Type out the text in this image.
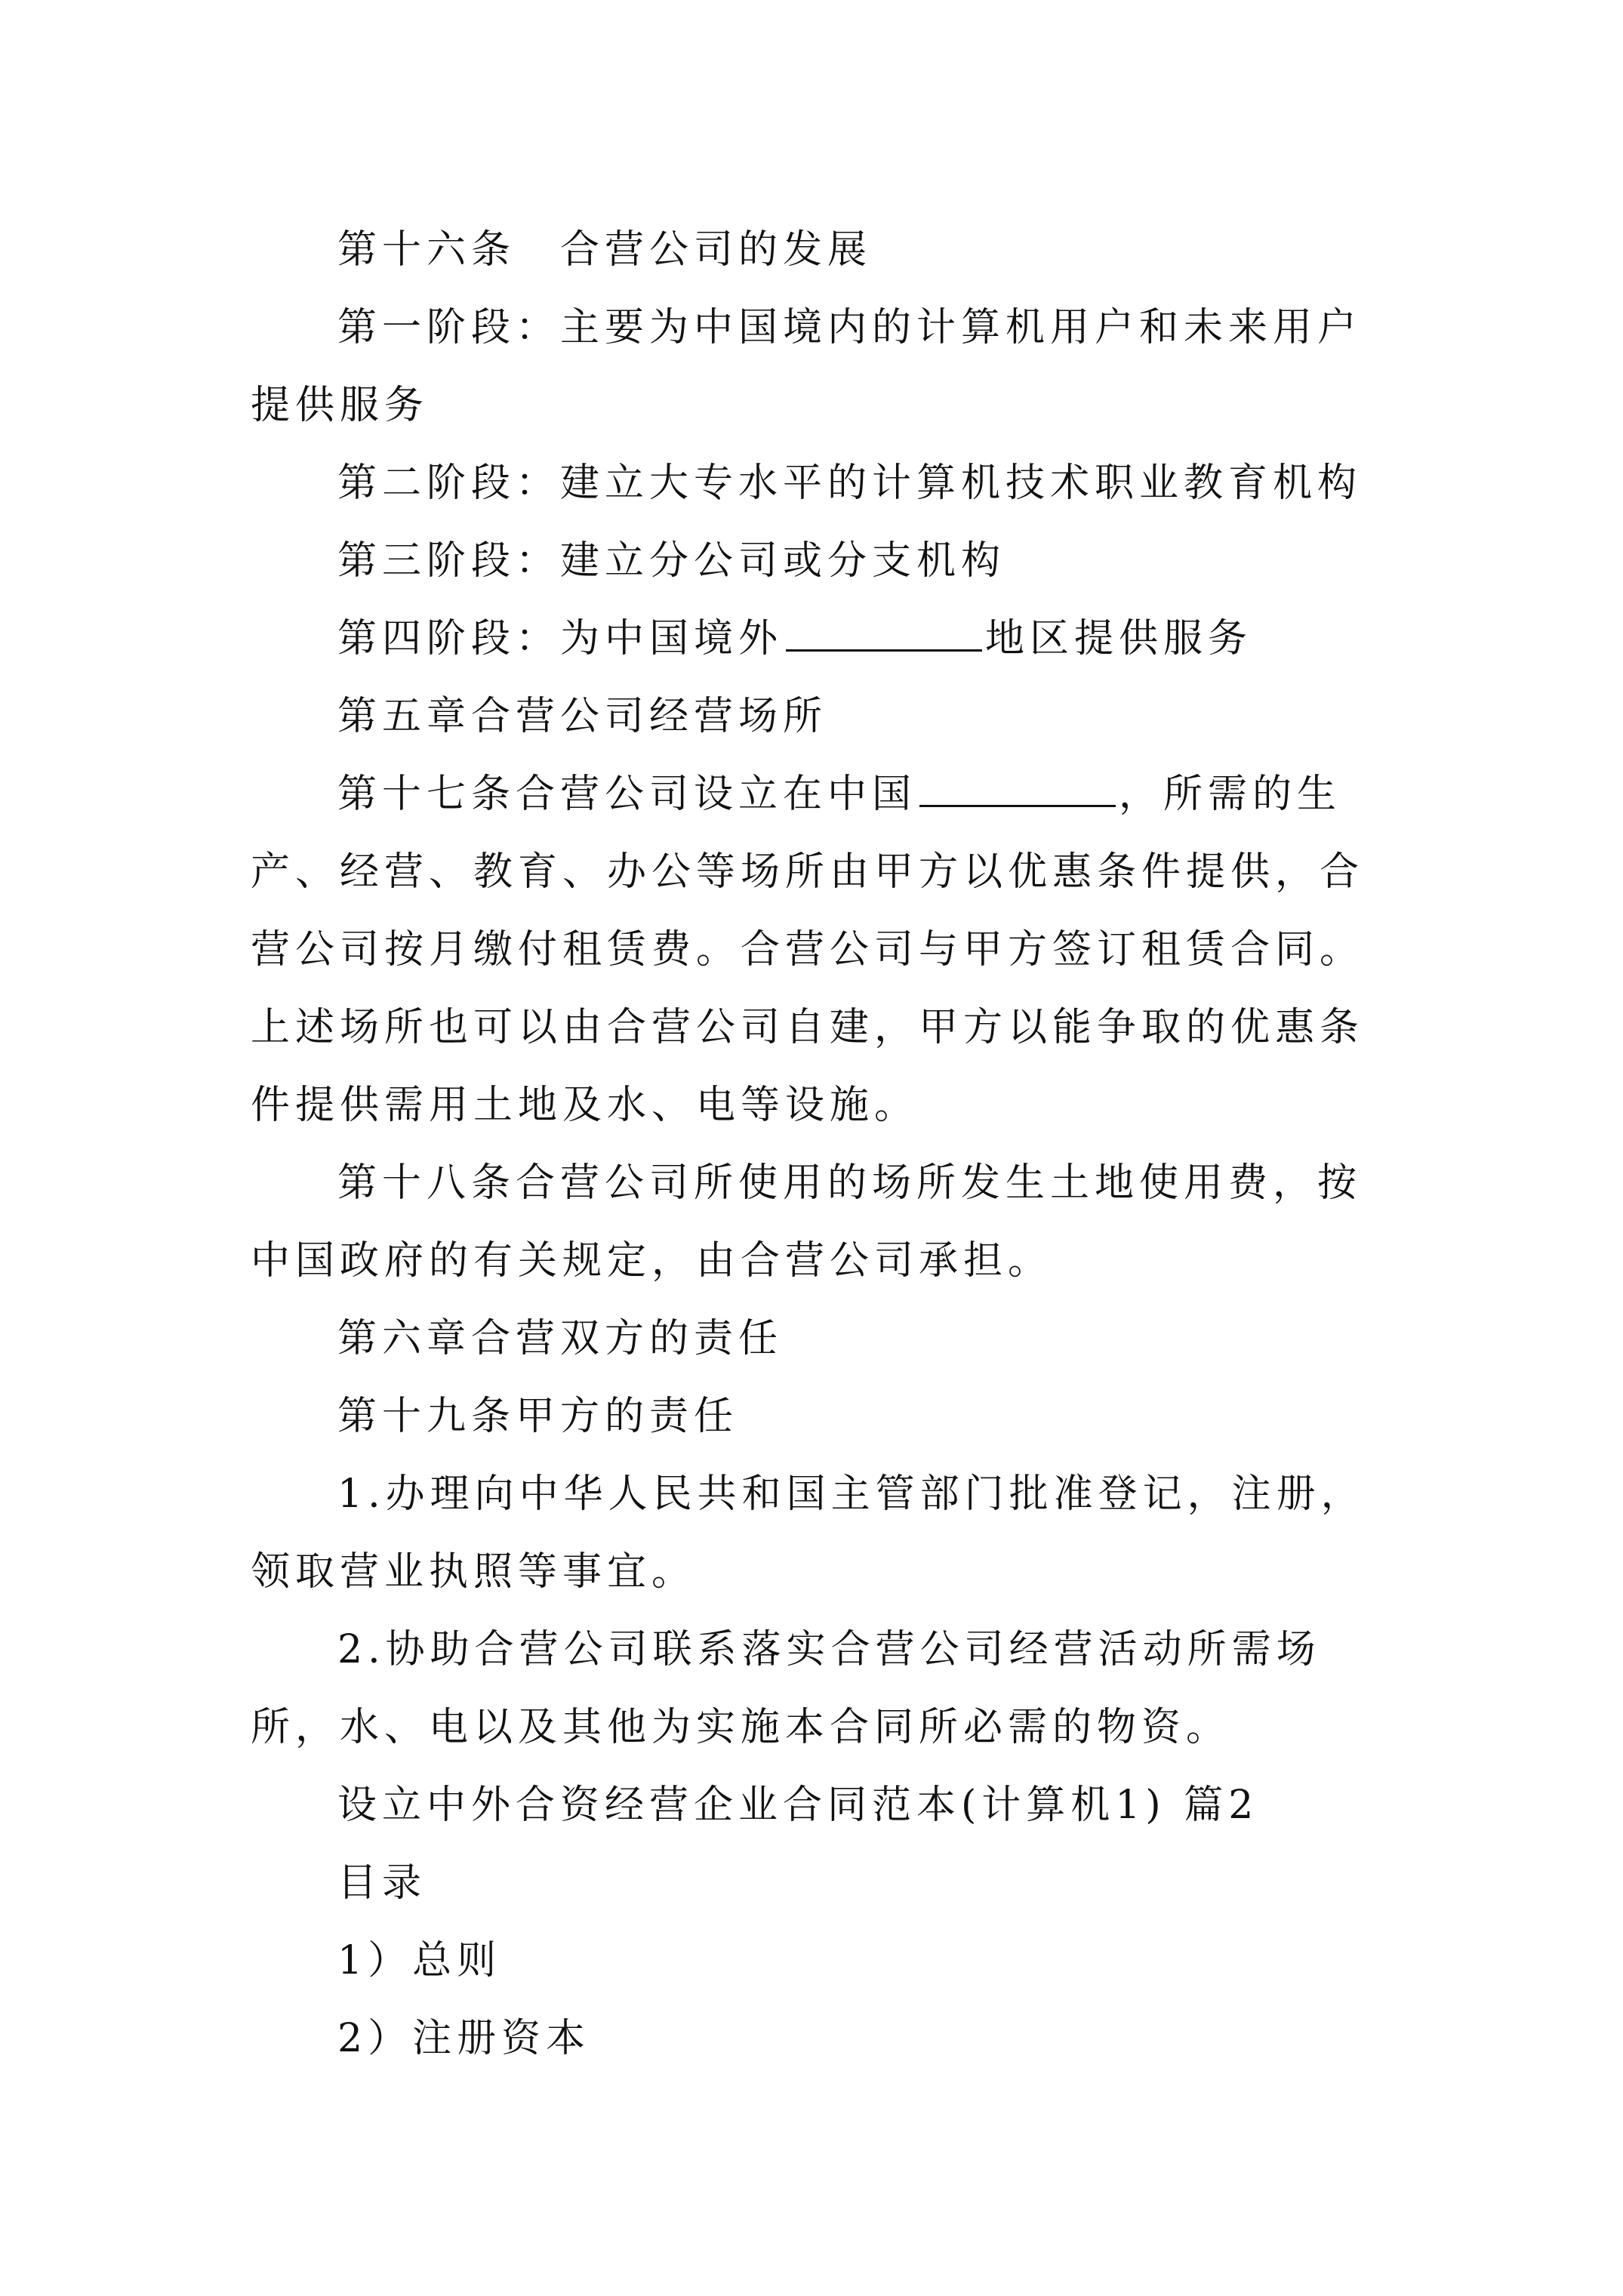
第十六条　合营公司的发展

第一阶段：主要为中国境内的计算机用户和未来用户提供服务

第二阶段：建立大专水平的计算机技术职业教育机构

第三阶段：建立分公司或分支机构

第四阶段：为中国境外	地区提供服务

第五章合营公司经营场所

第十七条合营公司设立在中国	，所需的生产、经营、教育、办公等场所由甲方以优惠条件提供，合营公司按月缴付租赁费。合营公司与甲方签订租赁合同。上述场所也可以由合营公司自建，甲方以能争取的优惠条件提供需用土地及水、电等设施。

第十八条合营公司所使用的场所发生土地使用费，按中国政府的有关规定，由合营公司承担。

第六章合营双方的责任

第十九条甲方的责任

1.办理向中华人民共和国主管部门批准登记，注册，领取营业执照等事宜。

2.协助合营公司联系落实合营公司经营活动所需场所，水、电以及其他为实施本合同所必需的物资。

设立中外合资经营企业合同范本(计算机1) 篇2

目录

1）总则

2）注册资本
